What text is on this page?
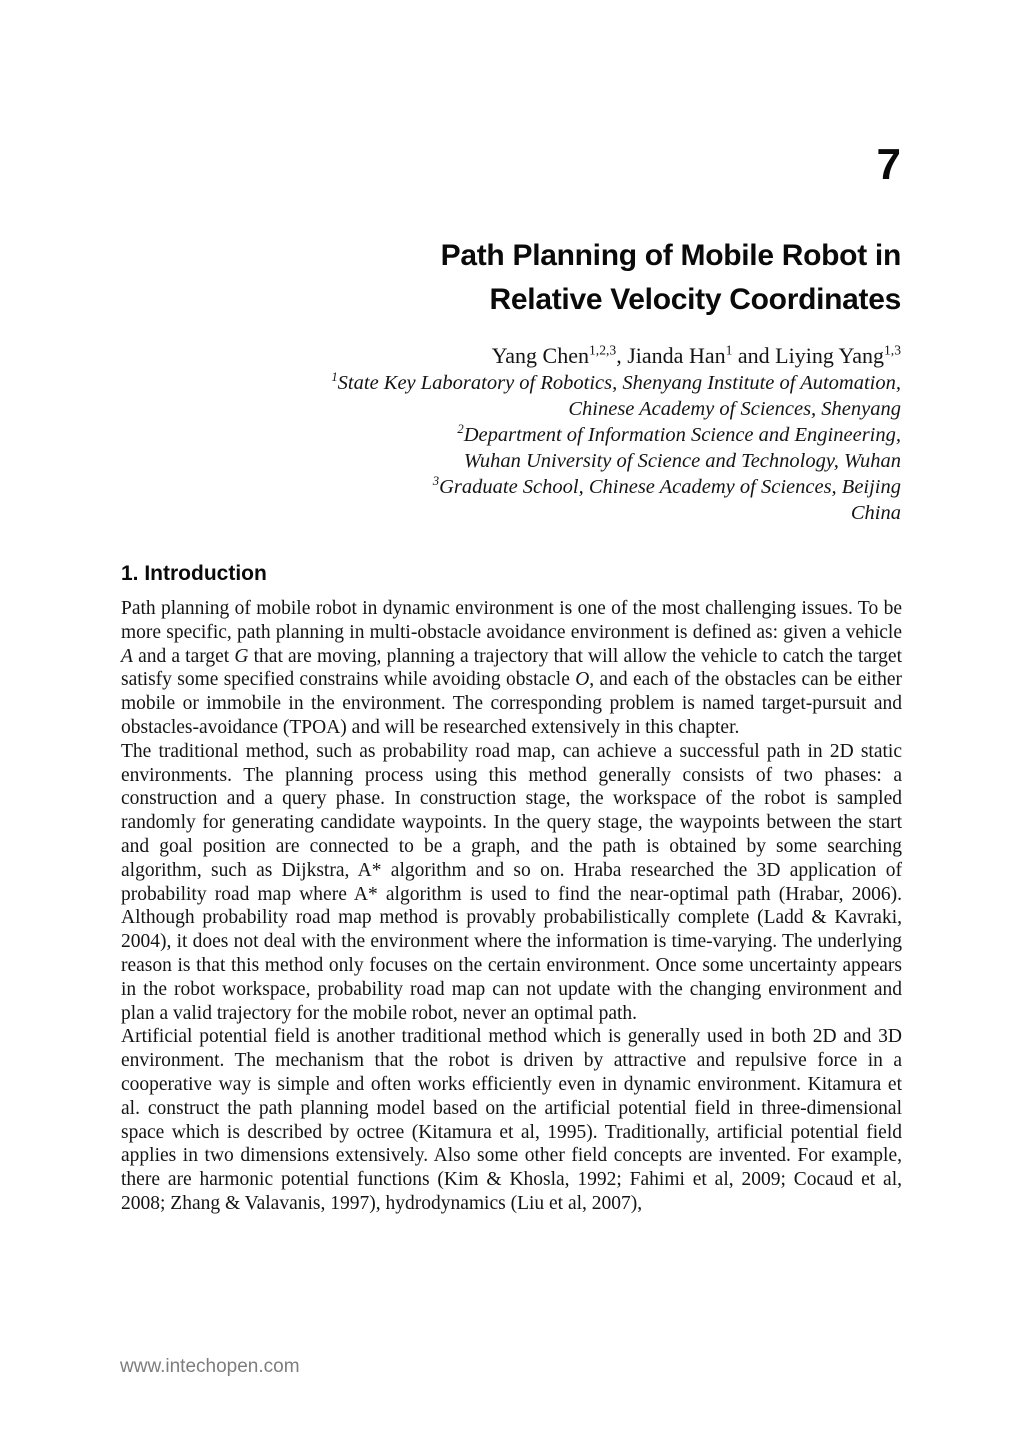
7
Path Planning of Mobile Robot in
Relative Velocity Coordinates
Yang Chen$^{1,2,3}$, Jianda Han$^1$ and Liying Yang$^{1,3}$
$^1$State Key Laboratory of Robotics, Shenyang Institute of Automation,
Chinese Academy of Sciences, Shenyang
$^2$Department of Information Science and Engineering,
Wuhan University of Science and Technology, Wuhan
$^3$Graduate School, Chinese Academy of Sciences, Beijing
China
1. Introduction

Path planning of mobile robot in dynamic environment is one of the most challenging issues. To be more specific, path planning in multi-obstacle avoidance environment is defined as: given a vehicle A and a target G that are moving, planning a trajectory that will allow the vehicle to catch the target satisfy some specified constrains while avoiding obstacle O, and each of the obstacles can be either mobile or immobile in the environment. The corresponding problem is named target-pursuit and obstacles-avoidance (TPOA) and will be researched extensively in this chapter.

The traditional method, such as probability road map, can achieve a successful path in 2D static environments. The planning process using this method generally consists of two phases: a construction and a query phase. In construction stage, the workspace of the robot is sampled randomly for generating candidate waypoints. In the query stage, the waypoints between the start and goal position are connected to be a graph, and the path is obtained by some searching algorithm, such as Dijkstra, A* algorithm and so on. Hraba researched the 3D application of probability road map where A* algorithm is used to find the near-optimal path (Hrabar, 2006). Although probability road map method is provably probabilistically complete (Ladd & Kavraki, 2004), it does not deal with the environment where the information is time-varying. The underlying reason is that this method only focuses on the certain environment. Once some uncertainty appears in the robot workspace, probability road map can not update with the changing environment and plan a valid trajectory for the mobile robot, never an optimal path.

Artificial potential field is another traditional method which is generally used in both 2D and 3D environment. The mechanism that the robot is driven by attractive and repulsive force in a cooperative way is simple and often works efficiently even in dynamic environment. Kitamura et al. construct the path planning model based on the artificial potential field in three-dimensional space which is described by octree (Kitamura et al, 1995). Traditionally, artificial potential field applies in two dimensions extensively. Also some other field concepts are invented. For example, there are harmonic potential functions (Kim & Khosla, 1992; Fahimi et al, 2009; Cocaud et al, 2008; Zhang & Valavanis, 1997), hydrodynamics (Liu et al, 2007),

www.intechopen.com
